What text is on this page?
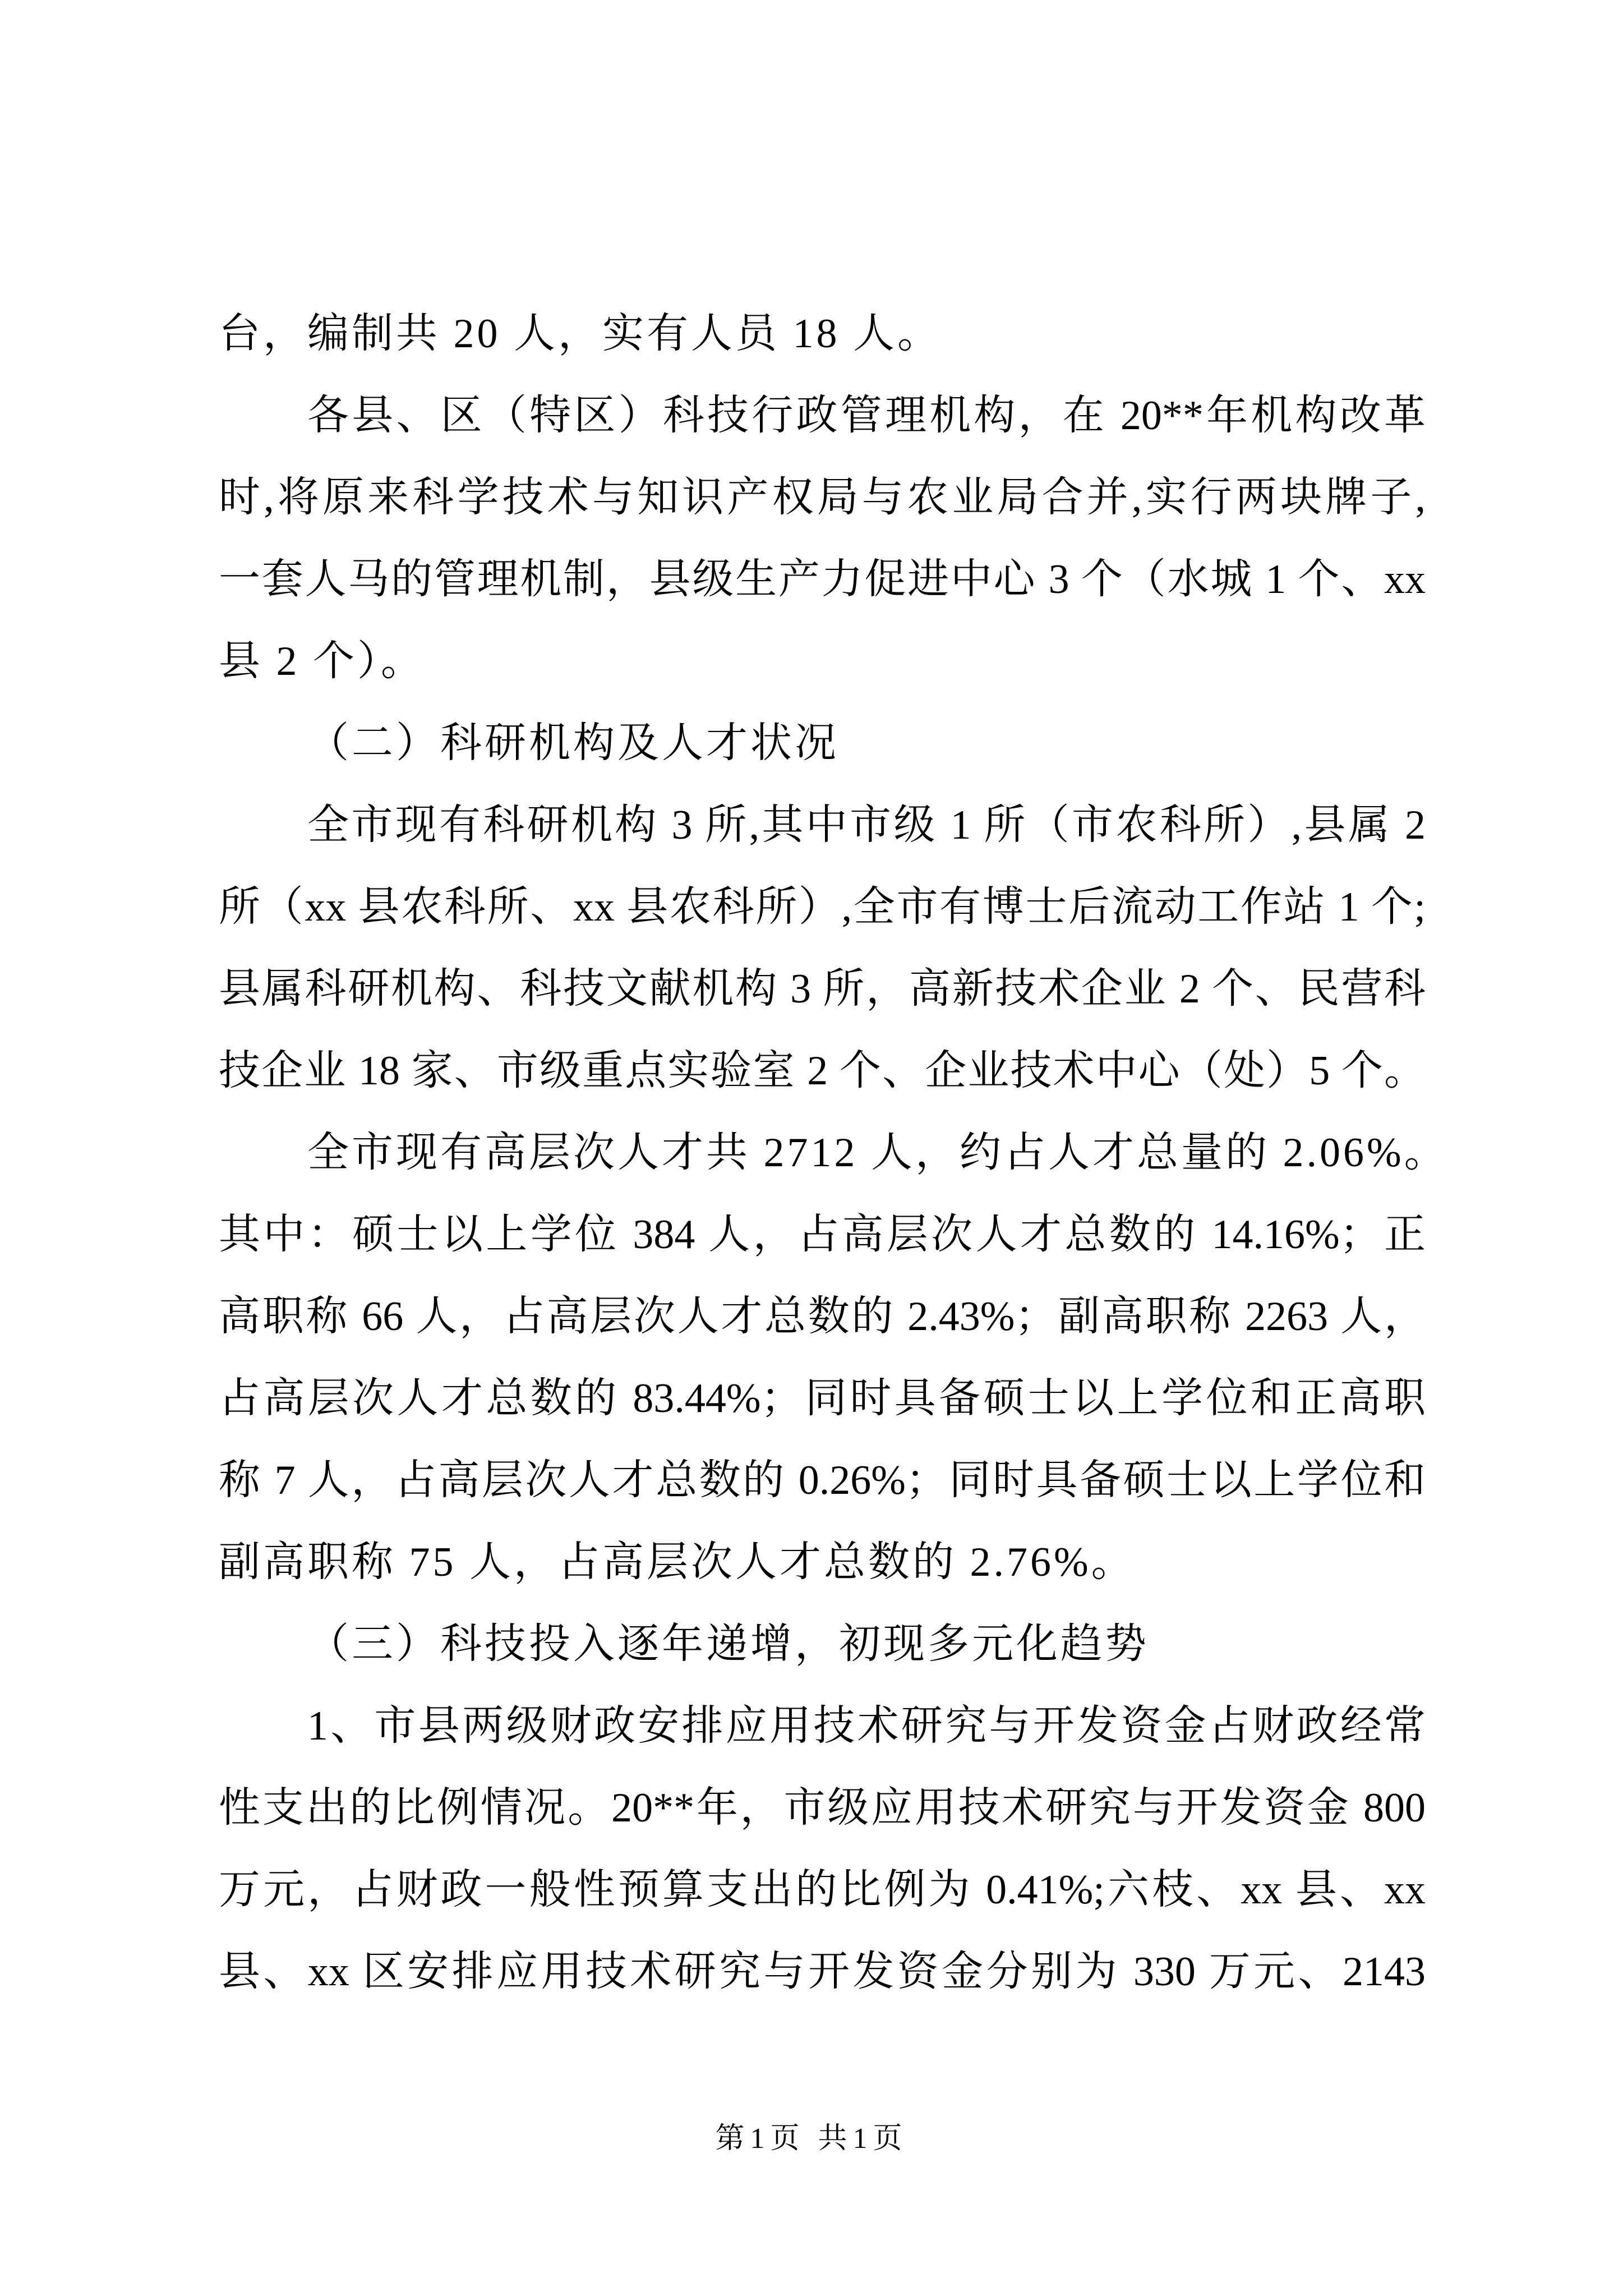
台，编制共 20 人，实有人员 18 人。
各县、区（特区）科技行政管理机构，在 20**年机构改革
时,将原来科学技术与知识产权局与农业局合并,实行两块牌子,
一套人马的管理机制，县级生产力促进中心 3 个（水城 1 个、xx
县 2 个）。
（二）科研机构及人才状况
全市现有科研机构 3 所,其中市级 1 所（市农科所）,县属 2
所（xx 县农科所、xx 县农科所）,全市有博士后流动工作站 1 个;
县属科研机构、科技文献机构 3 所，高新技术企业 2 个、民营科
技企业 18 家、市级重点实验室 2 个、企业技术中心（处）5 个。
全市现有高层次人才共 2712 人，约占人才总量的 2.06%。
其中：硕士以上学位 384 人，占高层次人才总数的 14.16%；正
高职称 66 人，占高层次人才总数的 2.43%；副高职称 2263 人，
占高层次人才总数的 83.44%；同时具备硕士以上学位和正高职
称 7 人，占高层次人才总数的 0.26%；同时具备硕士以上学位和
副高职称 75 人，占高层次人才总数的 2.76%。
（三）科技投入逐年递增，初现多元化趋势
1、市县两级财政安排应用技术研究与开发资金占财政经常
性支出的比例情况。20**年，市级应用技术研究与开发资金 800
万元，占财政一般性预算支出的比例为 0.41%;六枝、xx 县、xx
县、xx 区安排应用技术研究与开发资金分别为 330 万元、2143
第1页 共1页
